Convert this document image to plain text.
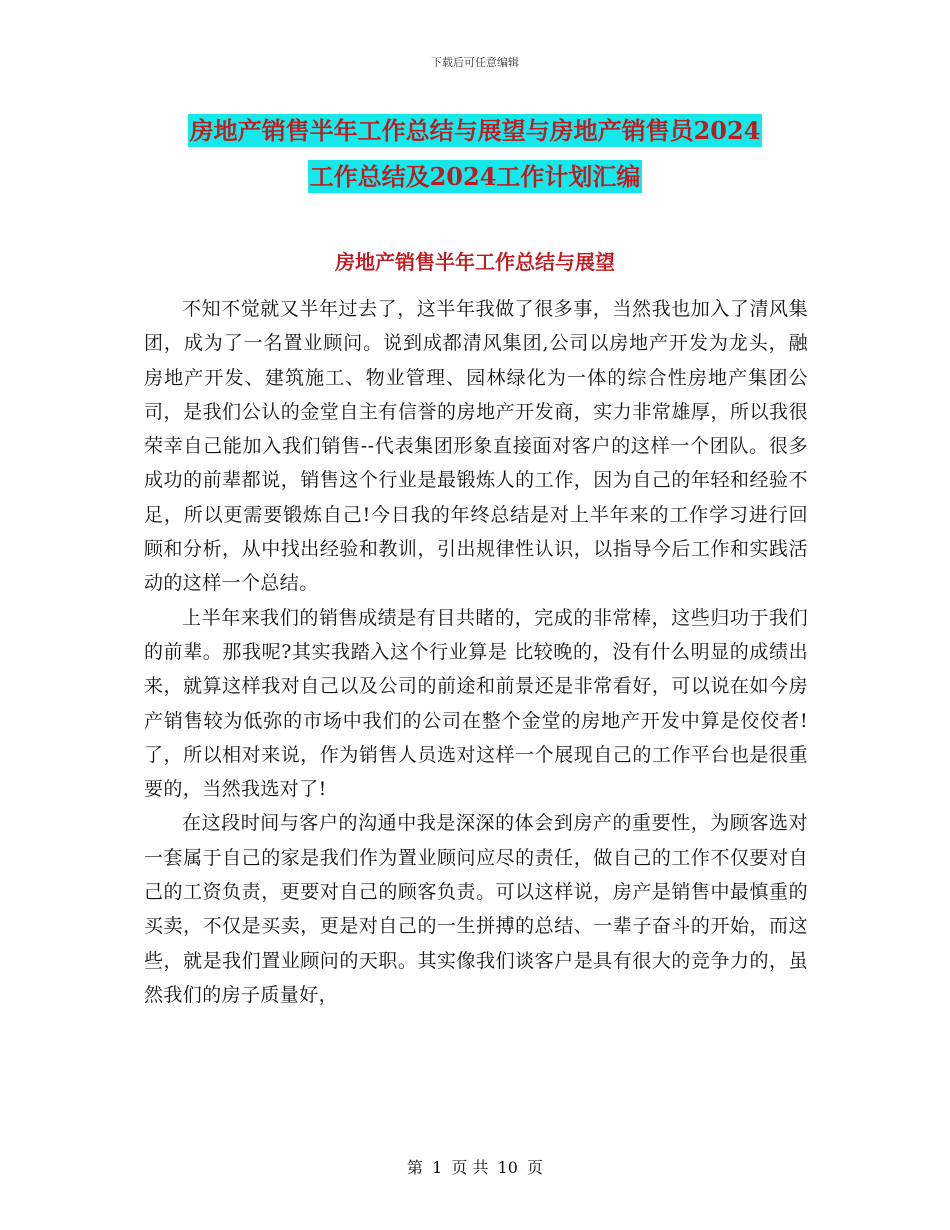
下载后可任意编辑
房地产销售半年工作总结与展望与房地产销售员2024
工作总结及2024工作计划汇编
房地产销售半年工作总结与展望

不知不觉就又半年过去了，这半年我做了很多事，当然我也加入了清风集团，成为了一名置业顾问。说到成都清风集团,公司以房地产开发为龙头，融房地产开发、建筑施工、物业管理、园林绿化为一体的综合性房地产集团公司，是我们公认的金堂自主有信誉的房地产开发商，实力非常雄厚，所以我很荣幸自己能加入我们销售--代表集团形象直接面对客户的这样一个团队。很多成功的前辈都说，销售这个行业是最锻炼人的工作，因为自己的年轻和经验不足，所以更需要锻炼自己!今日我的年终总结是对上半年来的工作学习进行回顾和分析，从中找出经验和教训，引出规律性认识，以指导今后工作和实践活动的这样一个总结。

上半年来我们的销售成绩是有目共睹的，完成的非常棒，这些归功于我们的前辈。那我呢?其实我踏入这个行业算是 比较晚的，没有什么明显的成绩出来，就算这样我对自己以及公司的前途和前景还是非常看好，可以说在如今房产销售较为低弥的市场中我们的公司在整个金堂的房地产开发中算是佼佼者!了，所以相对来说，作为销售人员选对这样一个展现自己的工作平台也是很重要的，当然我选对了!

在这段时间与客户的沟通中我是深深的体会到房产的重要性，为顾客选对一套属于自己的家是我们作为置业顾问应尽的责任，做自己的工作不仅要对自己的工资负责，更要对自己的顾客负责。可以这样说，房产是销售中最慎重的买卖，不仅是买卖，更是对自己的一生拼搏的总结、一辈子奋斗的开始，而这些，就是我们置业顾问的天职。其实像我们谈客户是具有很大的竞争力的，虽然我们的房子质量好，

第 1 页 共 10 页
